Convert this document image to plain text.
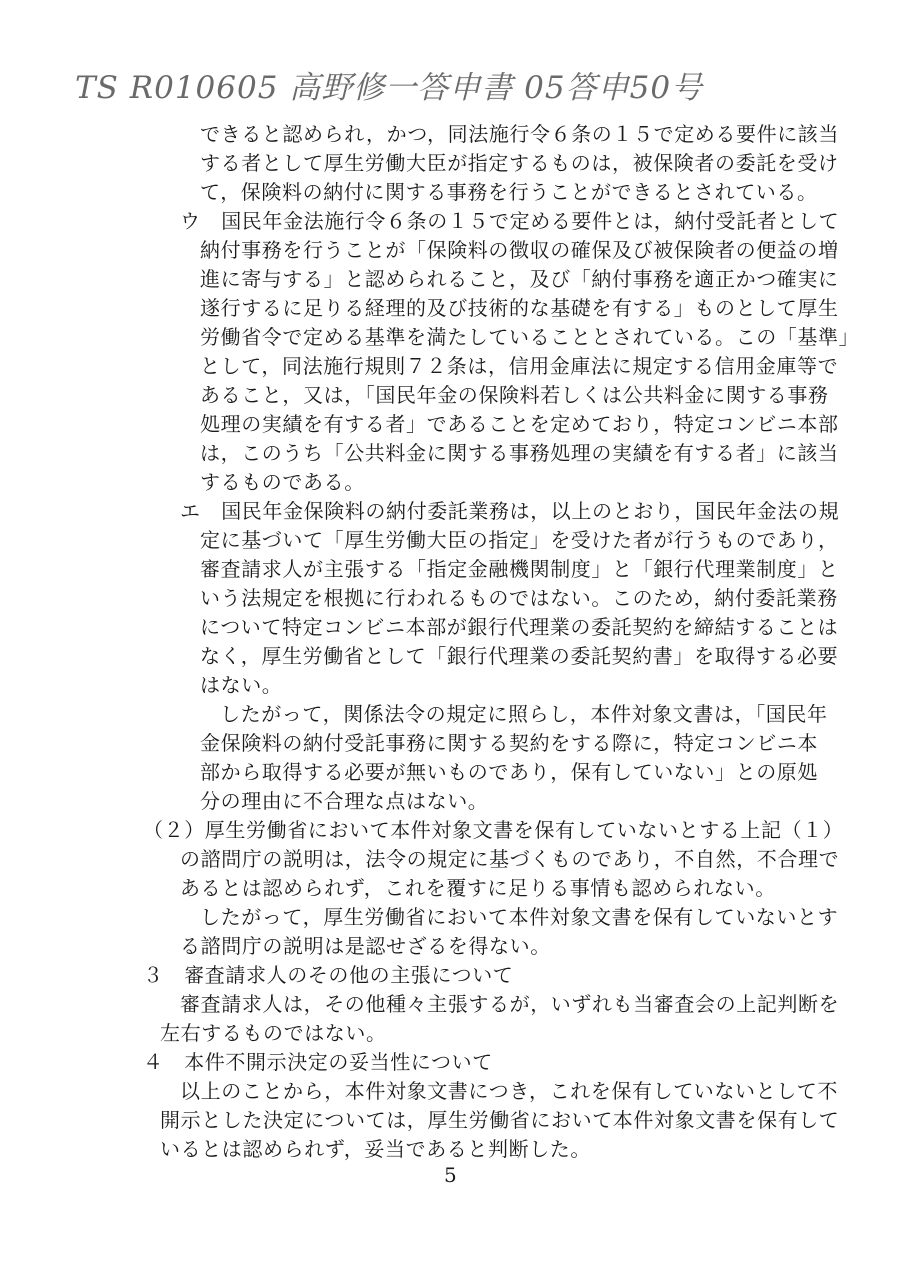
TS R010605 高野修一答申書 05答申50号
できると認められ，かつ，同法施行令６条の１５で定める要件に該当
する者として厚生労働大臣が指定するものは，被保険者の委託を受け
て，保険料の納付に関する事務を行うことができるとされている。
ウ　国民年金法施行令６条の１５で定める要件とは，納付受託者として
納付事務を行うことが「保険料の徴収の確保及び被保険者の便益の増
進に寄与する」と認められること，及び「納付事務を適正かつ確実に
遂行するに足りる経理的及び技術的な基礎を有する」ものとして厚生
労働省令で定める基準を満たしていることとされている。この「基準」
として，同法施行規則７２条は，信用金庫法に規定する信用金庫等で
あること，又は，「国民年金の保険料若しくは公共料金に関する事務
処理の実績を有する者」であることを定めており，特定コンビニ本部
は，このうち「公共料金に関する事務処理の実績を有する者」に該当
するものである。
エ　国民年金保険料の納付委託業務は，以上のとおり，国民年金法の規
定に基づいて「厚生労働大臣の指定」を受けた者が行うものであり，
審査請求人が主張する「指定金融機関制度」と「銀行代理業制度」と
いう法規定を根拠に行われるものではない。このため，納付委託業務
について特定コンビニ本部が銀行代理業の委託契約を締結することは
なく，厚生労働省として「銀行代理業の委託契約書」を取得する必要
はない。
したがって，関係法令の規定に照らし，本件対象文書は，「国民年
金保険料の納付受託事務に関する契約をする際に，特定コンビニ本
部から取得する必要が無いものであり，保有していない」との原処
分の理由に不合理な点はない。
（２）厚生労働省において本件対象文書を保有していないとする上記（１）
の諮問庁の説明は，法令の規定に基づくものであり，不自然，不合理で
あるとは認められず，これを覆すに足りる事情も認められない。
したがって，厚生労働省において本件対象文書を保有していないとす
る諮問庁の説明は是認せざるを得ない。
３　審査請求人のその他の主張について
審査請求人は，その他種々主張するが，いずれも当審査会の上記判断を
左右するものではない。
４　本件不開示決定の妥当性について
以上のことから，本件対象文書につき，これを保有していないとして不
開示とした決定については，厚生労働省において本件対象文書を保有して
いるとは認められず，妥当であると判断した。
5
